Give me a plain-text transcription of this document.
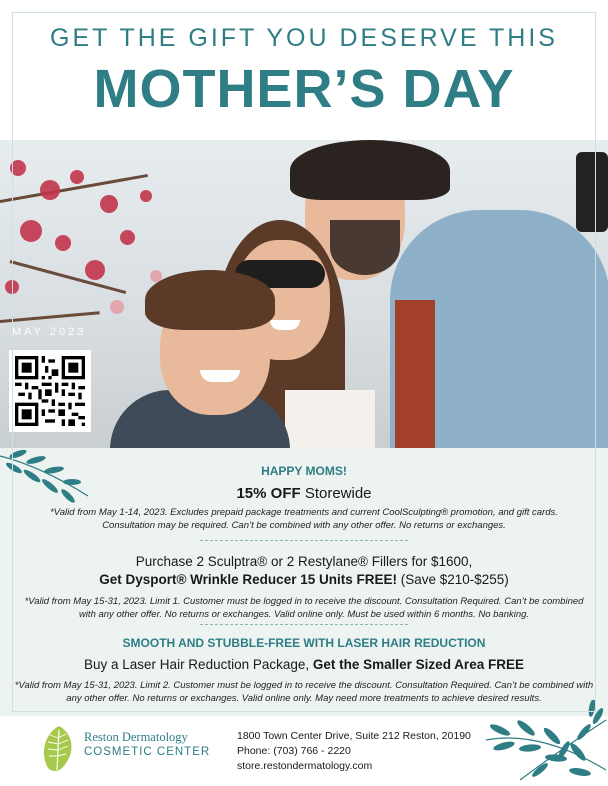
GET THE GIFT YOU DESERVE THIS
MOTHER’S DAY
MAY 2023
HAPPY MOMS!
15% OFF Storewide
*Valid from May 1-14, 2023. Excludes prepaid package treatments and current CoolSculpting® promotion, and gift cards. Consultation may be required. Can’t be combined with any other offer. No returns or exchanges.
Purchase 2 Sculptra® or 2 Restylane® Fillers for $1600,
Get Dysport® Wrinkle Reducer 15 Units FREE! (Save $210-$255)
*Valid from May 15-31, 2023. Limit 1. Customer must be logged in to receive the discount. Consultation Required. Can’t be combined with any other offer. No returns or exchanges. Valid online only. Must be used within 6 months. No banking.
SMOOTH AND STUBBLE-FREE WITH LASER HAIR REDUCTION
Buy a Laser Hair Reduction Package, Get the Smaller Sized Area FREE
*Valid from May 15-31, 2023. Limit 2. Customer must be logged in to receive the discount. Consultation Required. Can’t be combined with any other offer. No returns or exchanges. Valid online only. May need more treatments to achieve desired results.
Reston Dermatology
COSMETIC CENTER
1800 Town Center Drive, Suite 212 Reston, 20190
Phone: (703) 766 - 2220
store.restondermatology.com
